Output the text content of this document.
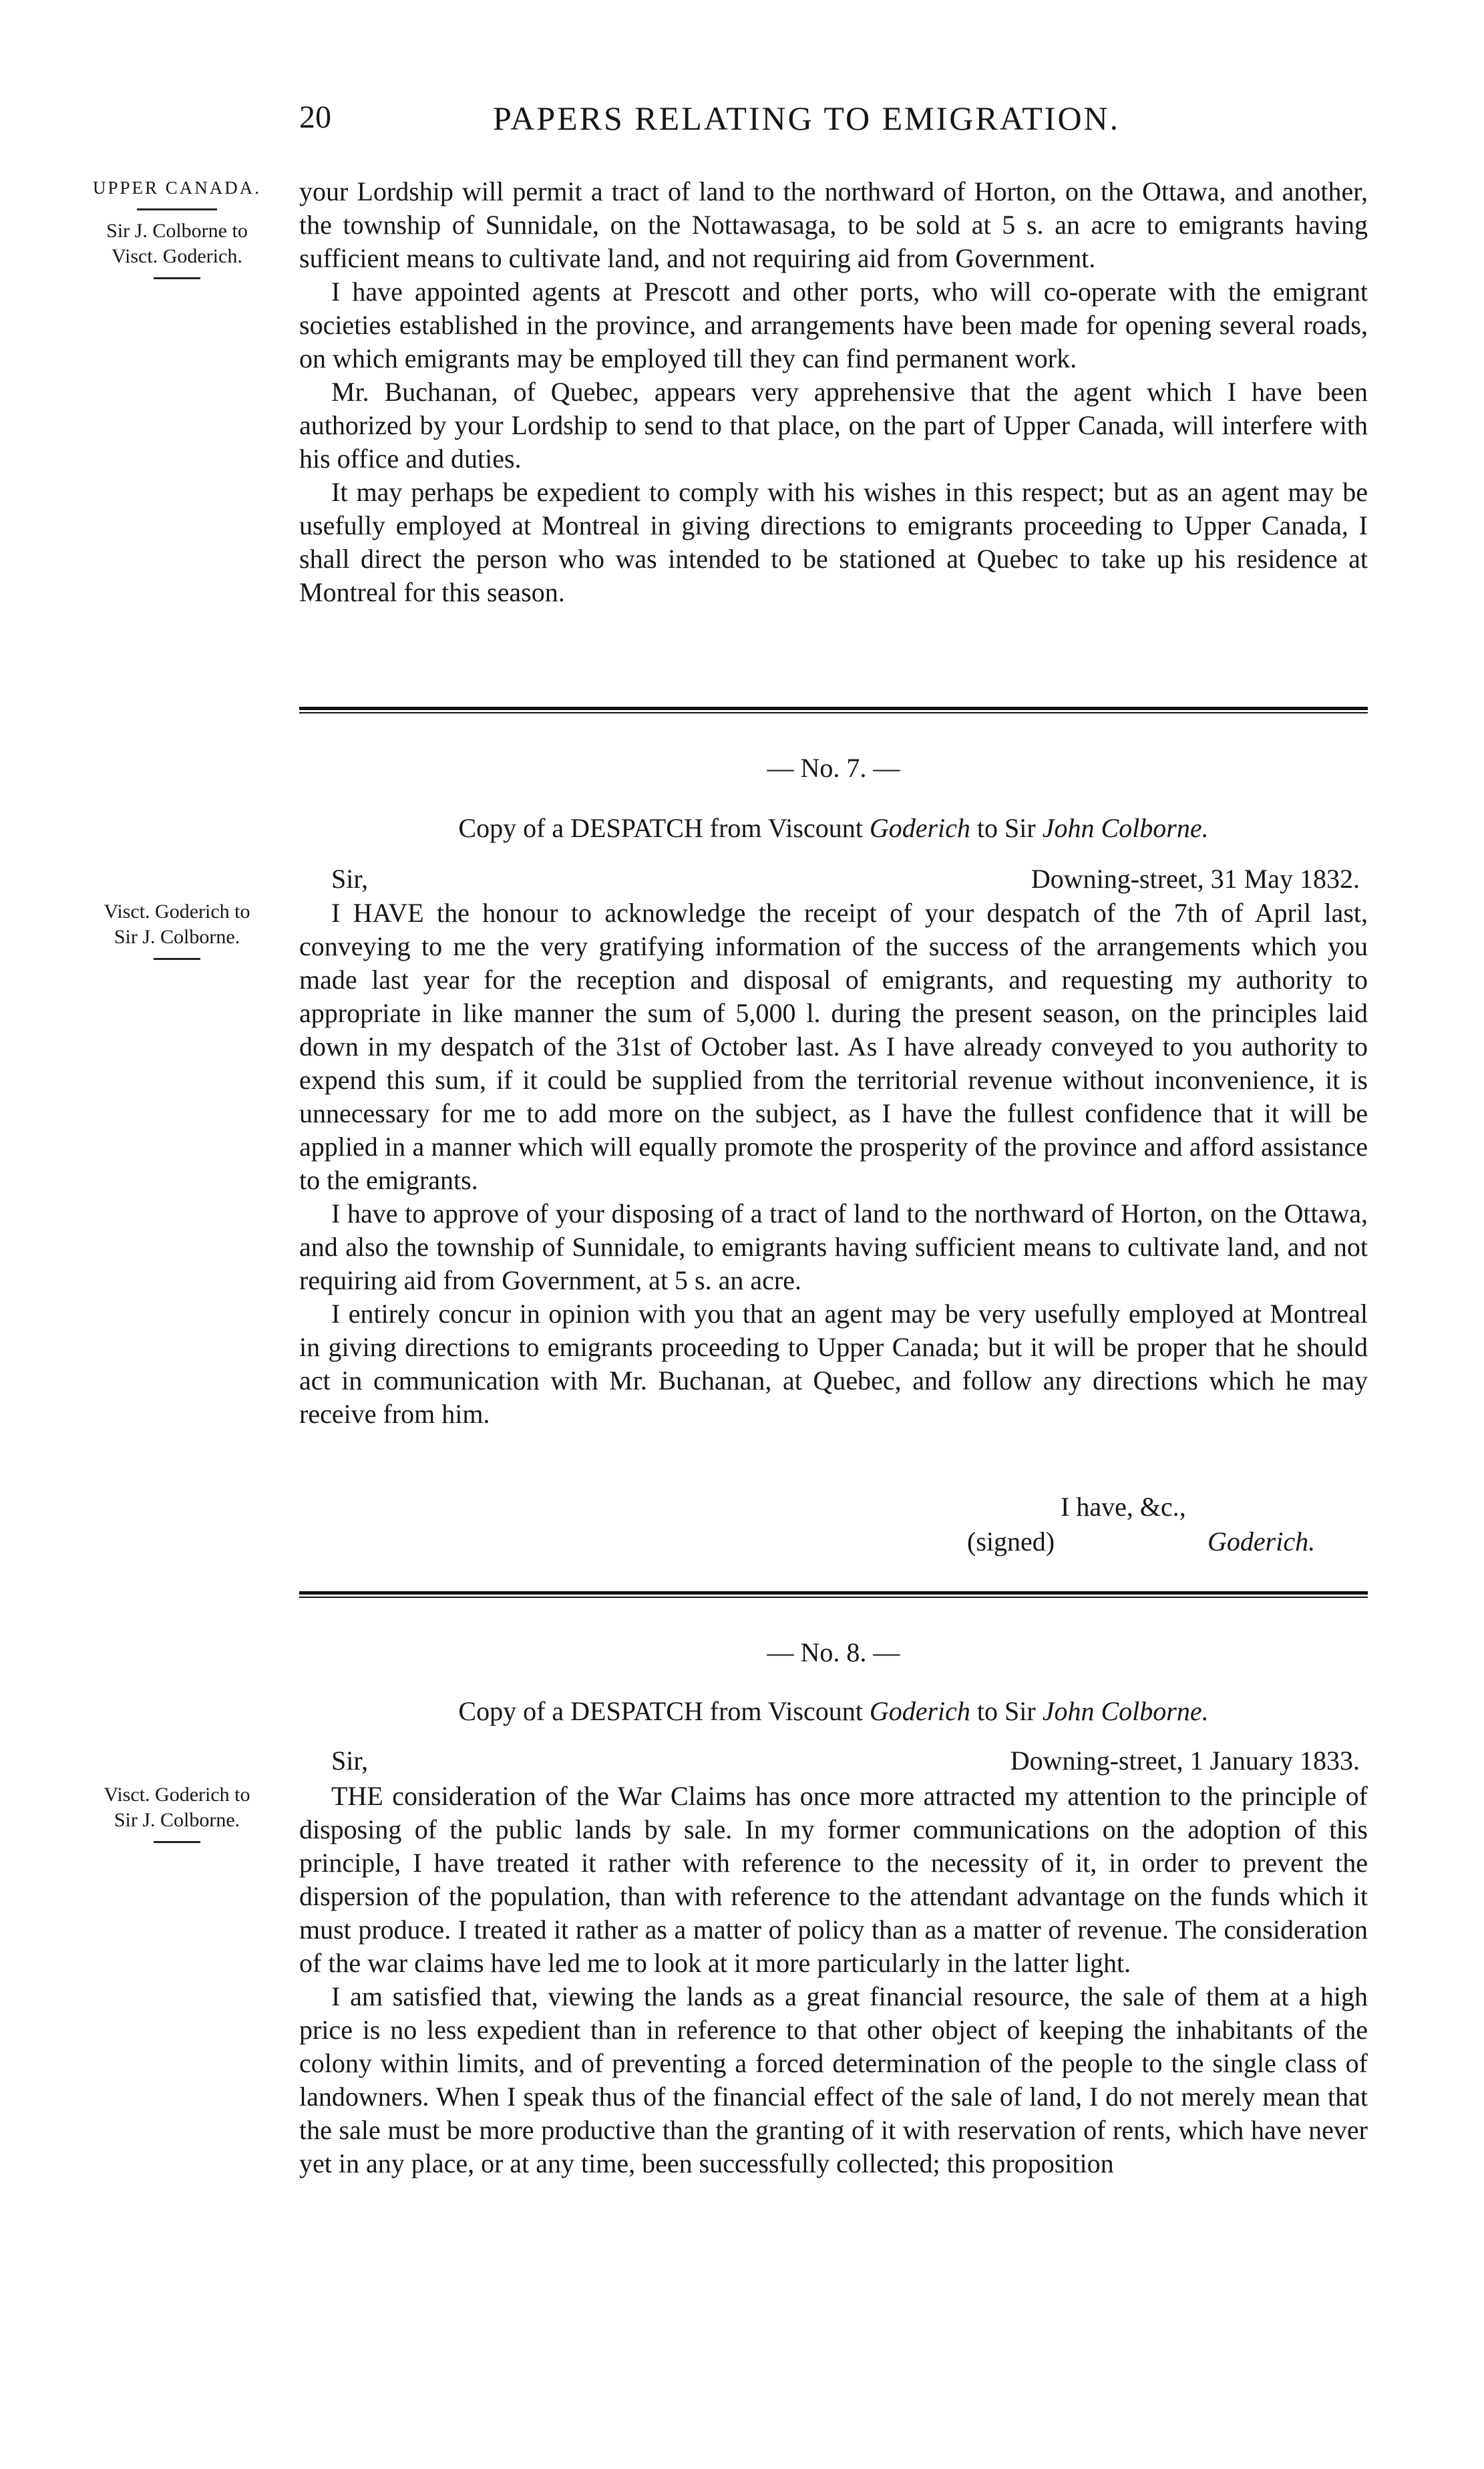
20	PAPERS RELATING TO EMIGRATION.
UPPER CANADA.
Sir J. Colborne to
Visct. Goderich.

your Lordship will permit a tract of land to the northward of Horton, on the Ottawa, and another, the township of Sunnidale, on the Nottawasaga, to be sold at 5 s. an acre to emigrants having sufficient means to cultivate land, and not requiring aid from Government.

I have appointed agents at Prescott and other ports, who will co-operate with the emigrant societies established in the province, and arrangements have been made for opening several roads, on which emigrants may be employed till they can find permanent work.

Mr. Buchanan, of Quebec, appears very apprehensive that the agent which I have been authorized by your Lordship to send to that place, on the part of Upper Canada, will interfere with his office and duties.

It may perhaps be expedient to comply with his wishes in this respect; but as an agent may be usefully employed at Montreal in giving directions to emigrants proceeding to Upper Canada, I shall direct the person who was intended to be stationed at Quebec to take up his residence at Montreal for this season.

— No. 7. —
Copy of a DESPATCH from Viscount Goderich to Sir John Colborne.
Sir,	Downing-street, 31 May 1832.
Visct. Goderich to
Sir J. Colborne.

I HAVE the honour to acknowledge the receipt of your despatch of the 7th of April last, conveying to me the very gratifying information of the success of the arrangements which you made last year for the reception and disposal of emigrants, and requesting my authority to appropriate in like manner the sum of 5,000 l. during the present season, on the principles laid down in my despatch of the 31st of October last. As I have already conveyed to you authority to expend this sum, if it could be supplied from the territorial revenue without inconvenience, it is unnecessary for me to add more on the subject, as I have the fullest confidence that it will be applied in a manner which will equally promote the prosperity of the province and afford assistance to the emigrants.

I have to approve of your disposing of a tract of land to the northward of Horton, on the Ottawa, and also the township of Sunnidale, to emigrants having sufficient means to cultivate land, and not requiring aid from Government, at 5 s. an acre.

I entirely concur in opinion with you that an agent may be very usefully employed at Montreal in giving directions to emigrants proceeding to Upper Canada; but it will be proper that he should act in communication with Mr. Buchanan, at Quebec, and follow any directions which he may receive from him.

I have, &c.,
(signed)	Goderich.
— No. 8. —
Copy of a DESPATCH from Viscount Goderich to Sir John Colborne.
Sir,	Downing-street, 1 January 1833.
Visct. Goderich to
Sir J. Colborne.

THE consideration of the War Claims has once more attracted my attention to the principle of disposing of the public lands by sale. In my former communications on the adoption of this principle, I have treated it rather with reference to the necessity of it, in order to prevent the dispersion of the population, than with reference to the attendant advantage on the funds which it must produce. I treated it rather as a matter of policy than as a matter of revenue. The consideration of the war claims have led me to look at it more particularly in the latter light.

I am satisfied that, viewing the lands as a great financial resource, the sale of them at a high price is no less expedient than in reference to that other object of keeping the inhabitants of the colony within limits, and of preventing a forced determination of the people to the single class of landowners. When I speak thus of the financial effect of the sale of land, I do not merely mean that the sale must be more productive than the granting of it with reservation of rents, which have never yet in any place, or at any time, been successfully collected; this proposition
